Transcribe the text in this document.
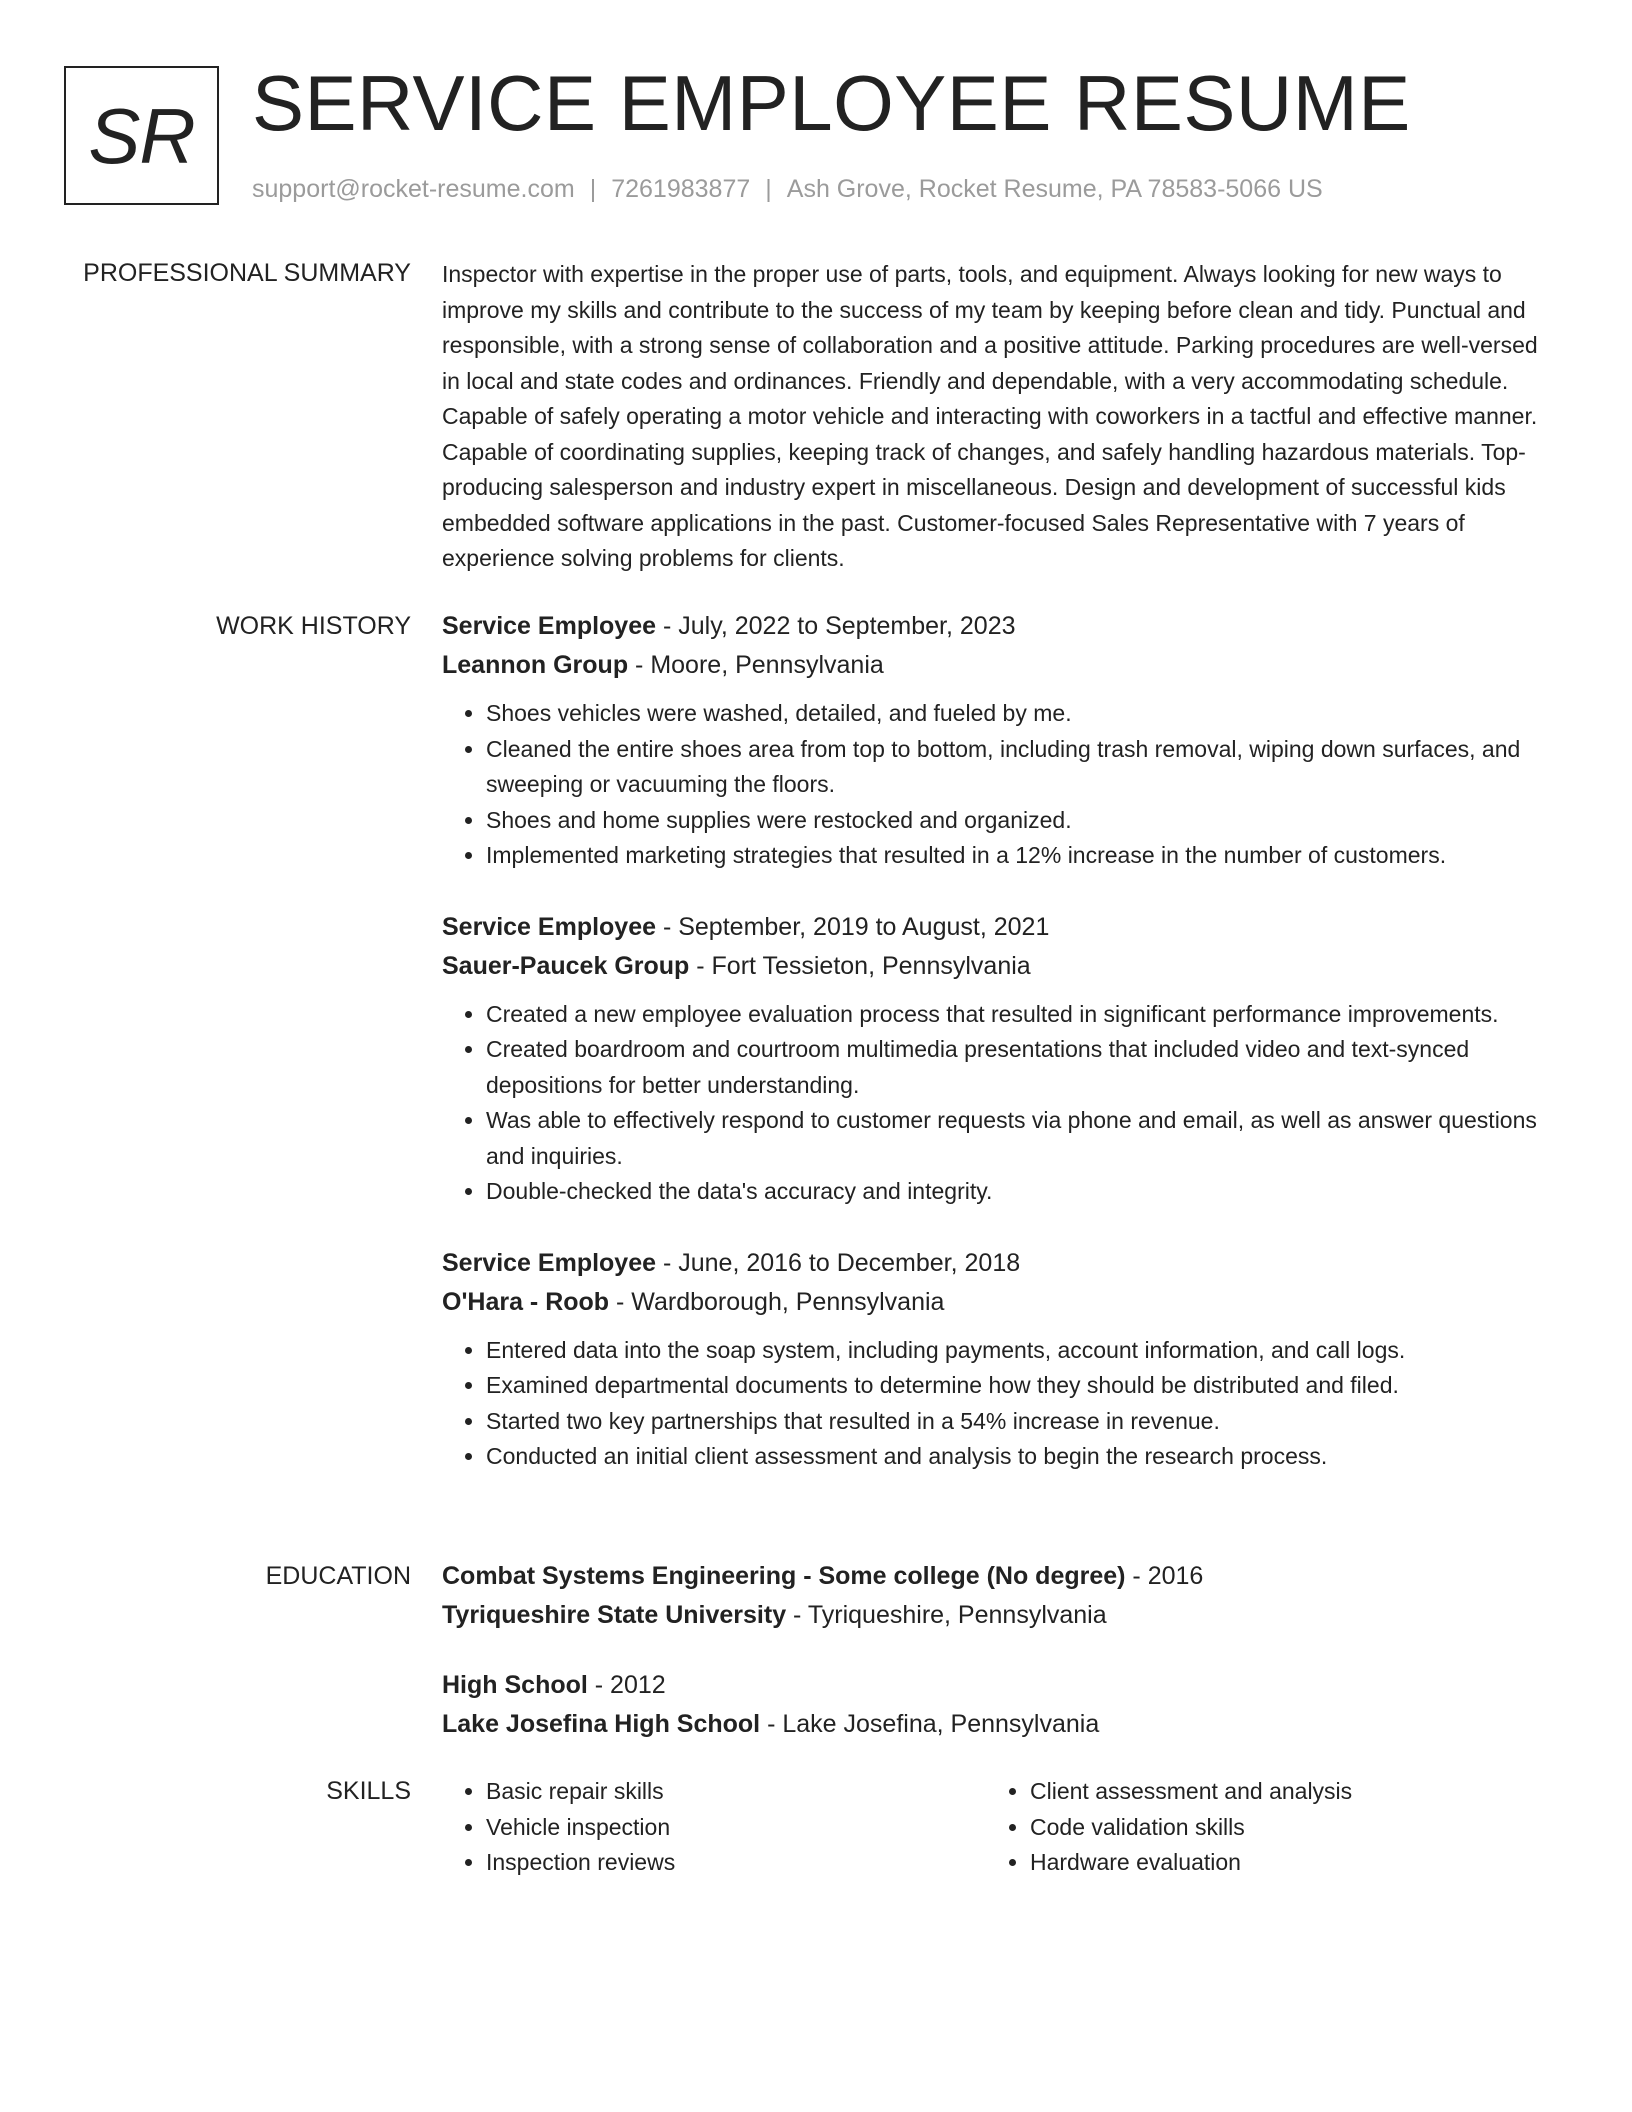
SR SERVICE EMPLOYEE RESUME
support@rocket-resume.com | 7261983877 | Ash Grove, Rocket Resume, PA 78583-5066 US
PROFESSIONAL SUMMARY Inspector with expertise in the proper use of parts, tools, and equipment. Always looking for new ways to improve my skills and contribute to the success of my team by keeping before clean and tidy. Punctual and responsible, with a strong sense of collaboration and a positive attitude. Parking procedures are well-versed in local and state codes and ordinances. Friendly and dependable, with a very accommodating schedule. Capable of safely operating a motor vehicle and interacting with coworkers in a tactful and effective manner. Capable of coordinating supplies, keeping track of changes, and safely handling hazardous materials. Top-producing salesperson and industry expert in miscellaneous. Design and development of successful kids embedded software applications in the past. Customer-focused Sales Representative with 7 years of experience solving problems for clients.

WORK HISTORY Service Employee - July, 2022 to September, 2023
Leannon Group - Moore, Pennsylvania
• Shoes vehicles were washed, detailed, and fueled by me.
• Cleaned the entire shoes area from top to bottom, including trash removal, wiping down surfaces, and sweeping or vacuuming the floors.
• Shoes and home supplies were restocked and organized.
• Implemented marketing strategies that resulted in a 12% increase in the number of customers.
Service Employee - September, 2019 to August, 2021
Sauer-Paucek Group - Fort Tessieton, Pennsylvania
• Created a new employee evaluation process that resulted in significant performance improvements.
• Created boardroom and courtroom multimedia presentations that included video and text-synced depositions for better understanding.
• Was able to effectively respond to customer requests via phone and email, as well as answer questions and inquiries.
• Double-checked the data's accuracy and integrity.
Service Employee - June, 2016 to December, 2018
O'Hara - Roob - Wardborough, Pennsylvania
• Entered data into the soap system, including payments, account information, and call logs.
• Examined departmental documents to determine how they should be distributed and filed.
• Started two key partnerships that resulted in a 54% increase in revenue.
• Conducted an initial client assessment and analysis to begin the research process.
EDUCATION Combat Systems Engineering - Some college (No degree) - 2016
Tyriqueshire State University - Tyriqueshire, Pennsylvania
High School - 2012
Lake Josefina High School - Lake Josefina, Pennsylvania
SKILLS
•	Basic repair skills
• Vehicle inspection
• Inspection reviews
• Client assessment and analysis
• Code validation skills
• Hardware evaluation
